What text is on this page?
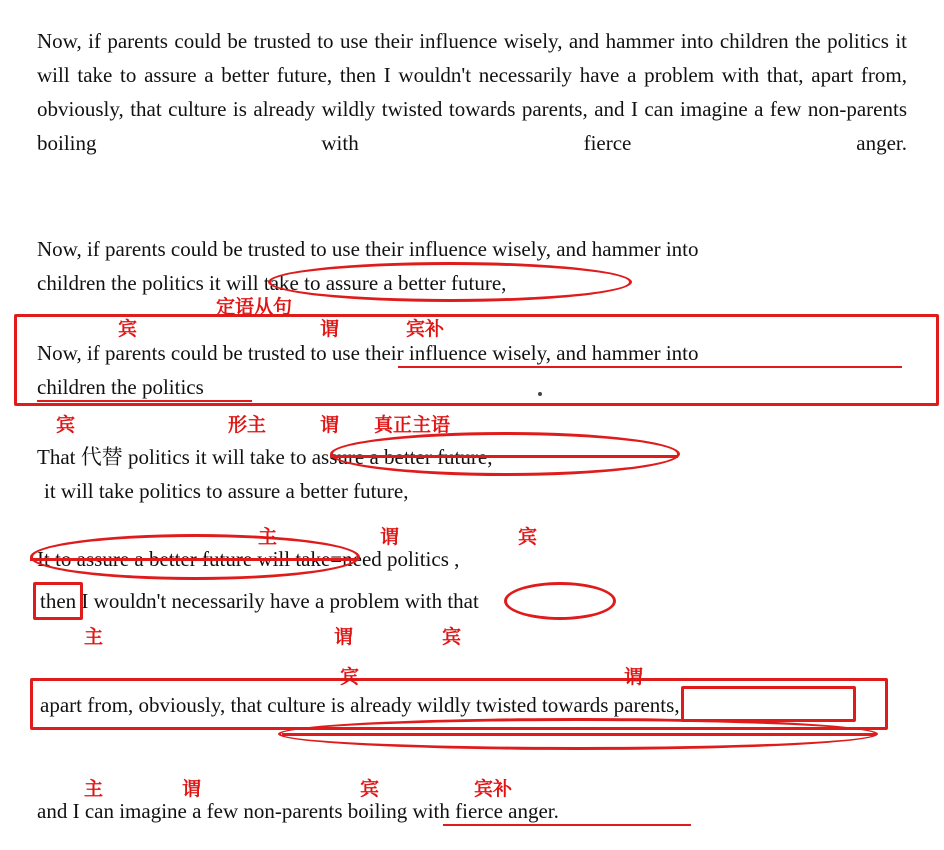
Now, if parents could be trusted to use their influence wisely, and hammer into children the politics it will take to assure a better future, then I wouldn't necessarily have a problem with that, apart from, obviously, that culture is already wildly twisted towards parents, and I can imagine a few non-parents boiling with fierce anger.
Now, if parents could be trusted to use their influence wisely, and hammer into
children the politics it will take to assure a better future,
Now, if parents could be trusted to use their influence wisely, and hammer into
children the politics
That 代替 politics it will take to assure a better future,
it will take politics to assure a better future,
It to assure a better future will take=need politics ,
then I wouldn't necessarily have a problem with that
apart from, obviously, that culture is already wildly twisted towards parents,
and I can imagine a few non-parents boiling with fierce anger.
定语从句
宾	谓	宾补
宾	形主	谓 真正主语
主	谓	宾
主	谓	宾
宾	谓
主	谓	宾	宾补
